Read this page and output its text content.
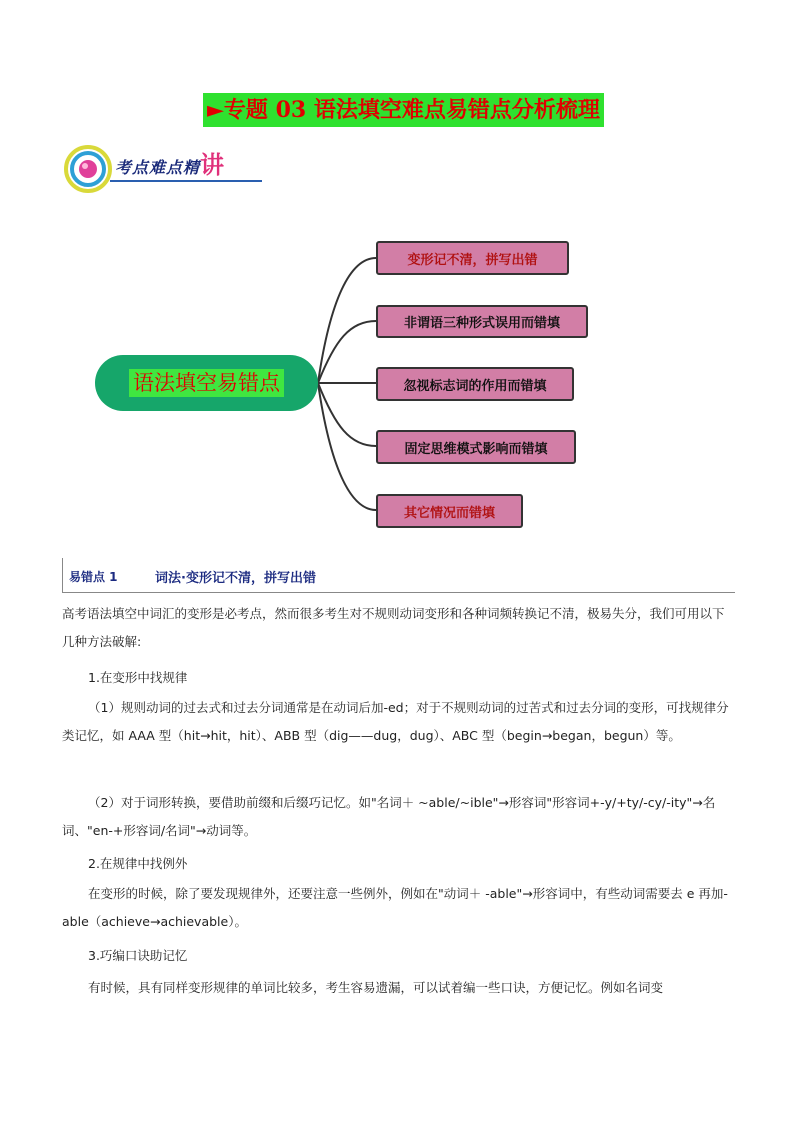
►专题 03 语法填空难点易错点分析梳理
考点难点精讲
语法填空易错点
变形记不清，拼写出错
非谓语三种形式误用而错填
忽视标志词的作用而错填
固定思维模式影响而错填
其它情况而错填
易错点 1	词法·变形记不清，拼写出错

高考语法填空中词汇的变形是必考点，然而很多考生对不规则动词变形和各种词频转换记不清，极易失分，我们可用以下几种方法破解:

1.在变形中找规律

（1）规则动词的过去式和过去分词通常是在动词后加-ed；对于不规则动词的过苦式和过去分词的变形，可找规律分类记忆，如 AAA 型（hit→hit，hit）、ABB 型（dig——dug，dug）、ABC 型（begin→began，begun）等。

（2）对于词形转换，要借助前缀和后缀巧记忆。如"名词＋ ~able/~ible"→形容词"形容词+-y/+ty/-cy/-ity"→名词、"en-+形容词/名词"→动词等。

2.在规律中找例外

在变形的时候，除了要发现规律外，还要注意一些例外，例如在"动词＋ -able"→形容词中，有些动词需要去 e 再加-able（achieve→achievable）。

3.巧编口诀助记忆

有时候，具有同样变形规律的单词比较多，考生容易遗漏，可以试着编一些口诀，方便记忆。例如名词变
